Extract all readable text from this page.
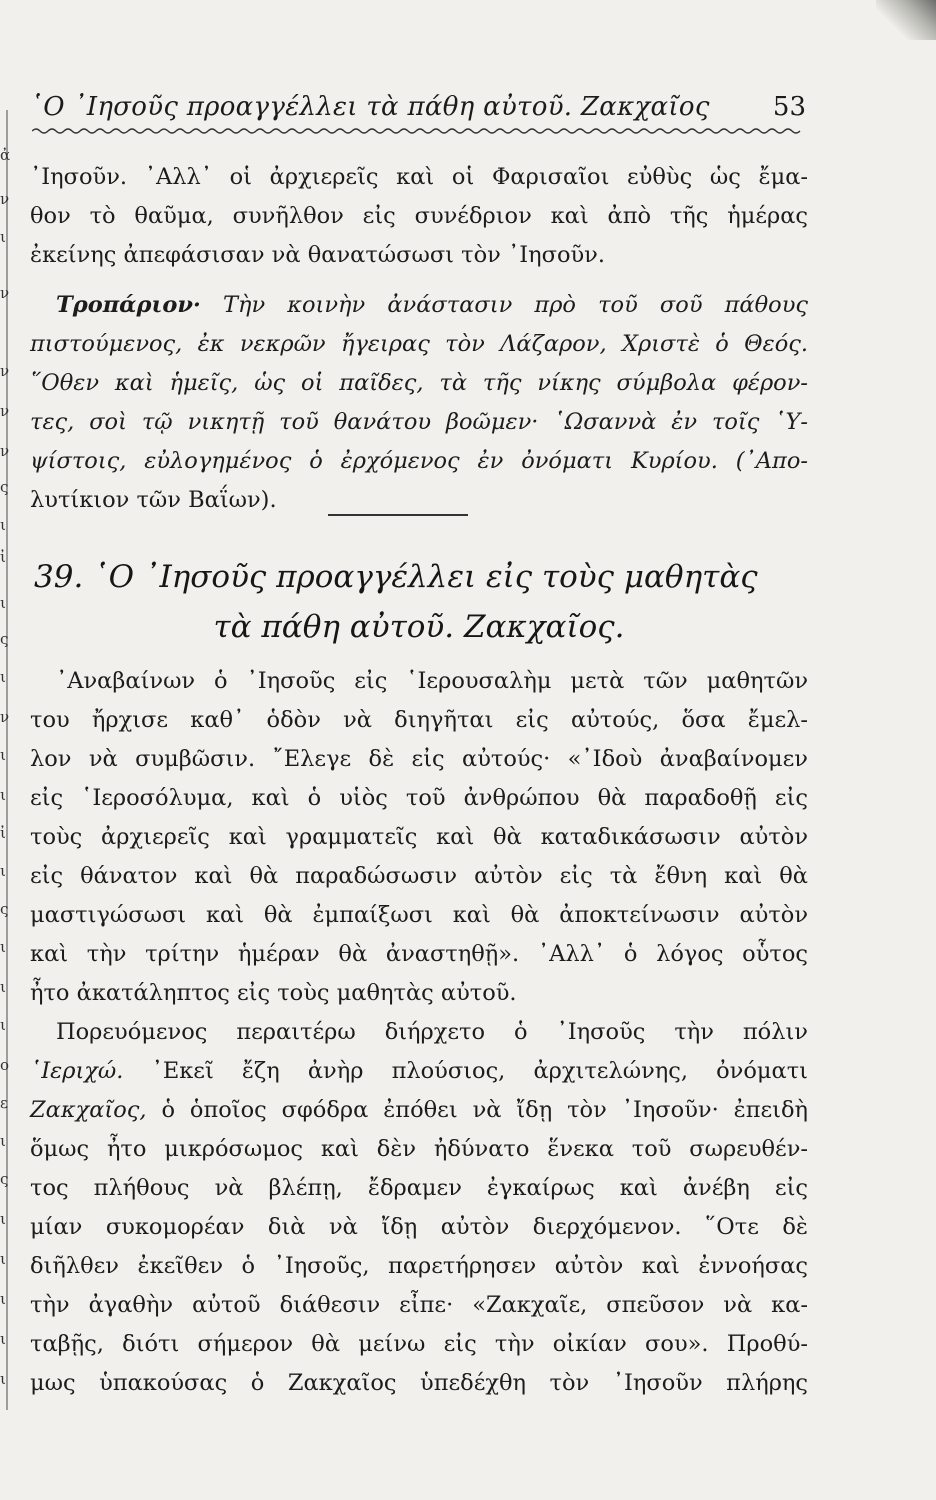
ἀ
ν
ι
ν
ν
ν
ν
ς
ι
ἰ
ι
ς
ι
ν
ι
ι
ἰ
ι
ς
ι
ι
ι
ο
ε
ι
ς
ι
ι
ι
ι
ι
῾Ο ᾿Ιησοῦς προαγγέλλει τὰ πάθη αὐτοῦ. Ζακχαῖος 53
᾿Ιησοῦν. ᾿Αλλ᾿ οἱ ἀρχιερεῖς καὶ οἱ Φαρισαῖοι εὐθὺς ὡς ἔμα-
θον τὸ θαῦμα, συνῆλθον εἰς συνέδριον καὶ ἀπὸ τῆς ἡμέρας
ἐκείνης ἀπεφάσισαν νὰ θανατώσωσι τὸν ᾿Ιησοῦν.
Τροπάριον· Τὴν κοινὴν ἀνάστασιν πρὸ τοῦ σοῦ πάθους
πιστούμενος, ἐκ νεκρῶν ἤγειρας τὸν Λάζαρον, Χριστὲ ὁ Θεός.
῞Οθεν καὶ ἡμεῖς, ὡς οἱ παῖδες, τὰ τῆς νίκης σύμβολα φέρον-
τες, σοὶ τῷ νικητῇ τοῦ θανάτου βοῶμεν· ῾Ωσαννὰ ἐν τοῖς ῾Υ-
ψίστοις, εὐλογημένος ὁ ἐρχόμενος ἐν ὀνόματι Κυρίου. (᾿Απο-
λυτίκιον τῶν Βαΐων).
39. ῾Ο ᾿Ιησοῦς προαγγέλλει εἰς τοὺς μαθητὰς
τὰ πάθη αὐτοῦ. Ζακχαῖος.
᾿Αναβαίνων ὁ ᾿Ιησοῦς εἰς ῾Ιερουσαλὴμ μετὰ τῶν μαθητῶν
του ἤρχισε καθ᾿ ὁδὸν νὰ διηγῆται εἰς αὐτούς, ὅσα ἔμελ-
λον νὰ συμβῶσιν. ῎Ελεγε δὲ εἰς αὐτούς· «᾿Ιδοὺ ἀναβαίνομεν
εἰς ῾Ιεροσόλυμα, καὶ ὁ υἱὸς τοῦ ἀνθρώπου θὰ παραδοθῇ εἰς
τοὺς ἀρχιερεῖς καὶ γραμματεῖς καὶ θὰ καταδικάσωσιν αὐτὸν
εἰς θάνατον καὶ θὰ παραδώσωσιν αὐτὸν εἰς τὰ ἔθνη καὶ θὰ
μαστιγώσωσι καὶ θὰ ἐμπαίξωσι καὶ θὰ ἀποκτείνωσιν αὐτὸν
καὶ τὴν τρίτην ἡμέραν θὰ ἀναστηθῇ». ᾿Αλλ᾿ ὁ λόγος οὗτος
ἦτο ἀκατάληπτος εἰς τοὺς μαθητὰς αὐτοῦ.
Πορευόμενος περαιτέρω διήρχετο ὁ ᾿Ιησοῦς τὴν πόλιν
῾Ιεριχώ. ᾿Εκεῖ ἔζη ἀνὴρ πλούσιος, ἀρχιτελώνης, ὀνόματι
Ζακχαῖος, ὁ ὁποῖος σφόδρα ἐπόθει νὰ ἴδῃ τὸν ᾿Ιησοῦν· ἐπειδὴ
ὅμως ἦτο μικρόσωμος καὶ δὲν ἠδύνατο ἕνεκα τοῦ σωρευθέν-
τος πλήθους νὰ βλέπῃ, ἔδραμεν ἐγκαίρως καὶ ἀνέβη εἰς
μίαν συκομορέαν διὰ νὰ ἴδῃ αὐτὸν διερχόμενον. ῞Οτε δὲ
διῆλθεν ἐκεῖθεν ὁ ᾿Ιησοῦς, παρετήρησεν αὐτὸν καὶ ἐννοήσας
τὴν ἀγαθὴν αὐτοῦ διάθεσιν εἶπε· «Ζακχαῖε, σπεῦσον νὰ κα-
ταβῇς, διότι σήμερον θὰ μείνω εἰς τὴν οἰκίαν σου». Προθύ-
μως ὑπακούσας ὁ Ζακχαῖος ὑπεδέχθη τὸν ᾿Ιησοῦν πλήρης
